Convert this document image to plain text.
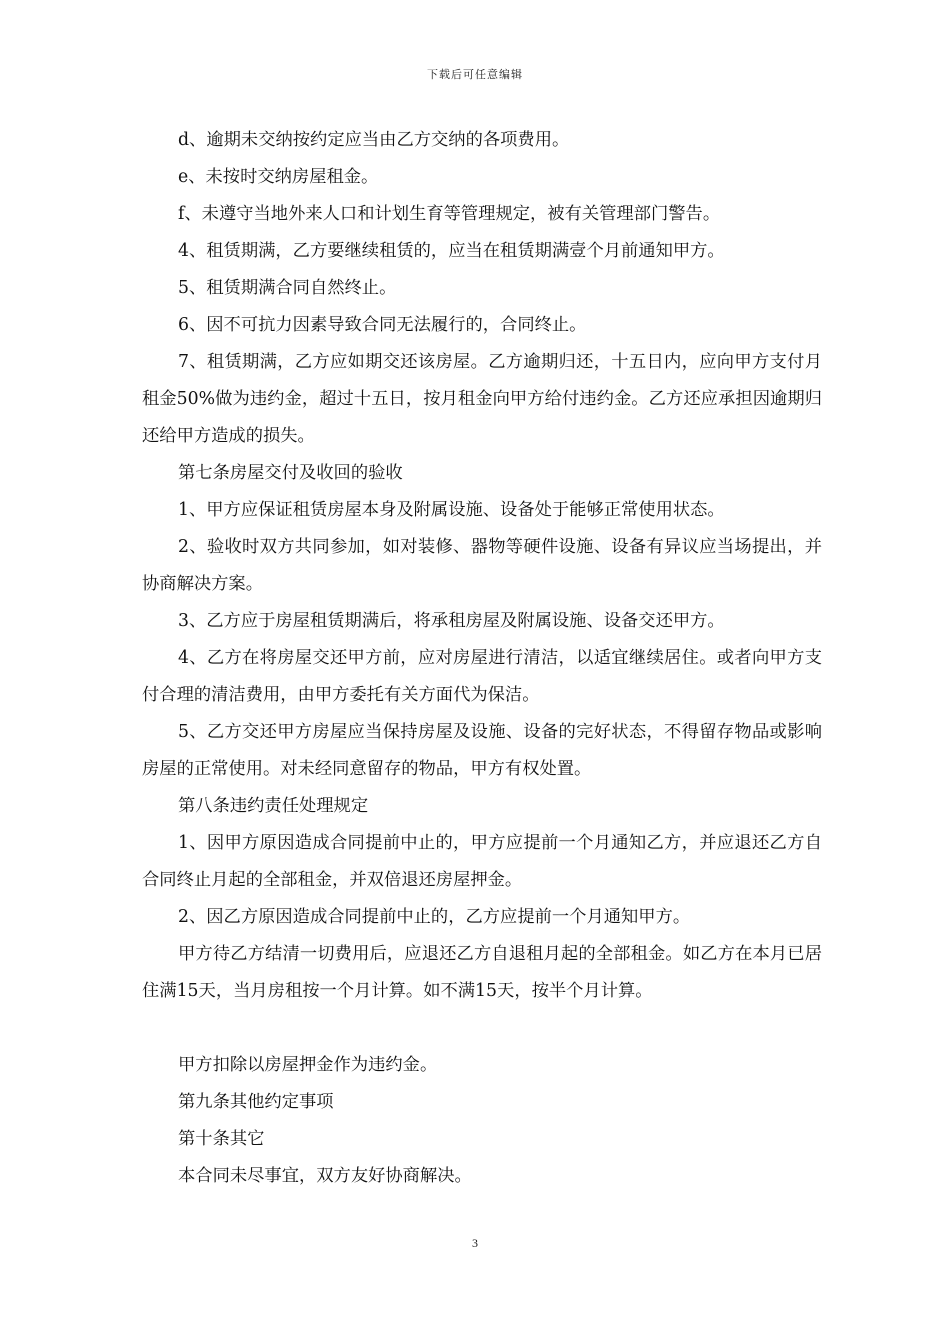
下载后可任意编辑

d、逾期未交纳按约定应当由乙方交纳的各项费用。

e、未按时交纳房屋租金。

f、未遵守当地外来人口和计划生育等管理规定，被有关管理部门警告。

4、租赁期满，乙方要继续租赁的，应当在租赁期满壹个月前通知甲方。

5、租赁期满合同自然终止。

6、因不可抗力因素导致合同无法履行的，合同终止。

7、租赁期满，乙方应如期交还该房屋。乙方逾期归还，十五日内，应向甲方支付月租金50%做为违约金，超过十五日，按月租金向甲方给付违约金。乙方还应承担因逾期归还给甲方造成的损失。

第七条房屋交付及收回的验收

1、甲方应保证租赁房屋本身及附属设施、设备处于能够正常使用状态。

2、验收时双方共同参加，如对装修、器物等硬件设施、设备有异议应当场提出，并协商解决方案。

3、乙方应于房屋租赁期满后，将承租房屋及附属设施、设备交还甲方。

4、乙方在将房屋交还甲方前，应对房屋进行清洁，以适宜继续居住。或者向甲方支付合理的清洁费用，由甲方委托有关方面代为保洁。

5、乙方交还甲方房屋应当保持房屋及设施、设备的完好状态，不得留存物品或影响房屋的正常使用。对未经同意留存的物品，甲方有权处置。

第八条违约责任处理规定

1、因甲方原因造成合同提前中止的，甲方应提前一个月通知乙方，并应退还乙方自合同终止月起的全部租金，并双倍退还房屋押金。

2、因乙方原因造成合同提前中止的，乙方应提前一个月通知甲方。

甲方待乙方结清一切费用后，应退还乙方自退租月起的全部租金。如乙方在本月已居住满15天，当月房租按一个月计算。如不满15天，按半个月计算。

甲方扣除以房屋押金作为违约金。

第九条其他约定事项

第十条其它

本合同未尽事宜，双方友好协商解决。

3
